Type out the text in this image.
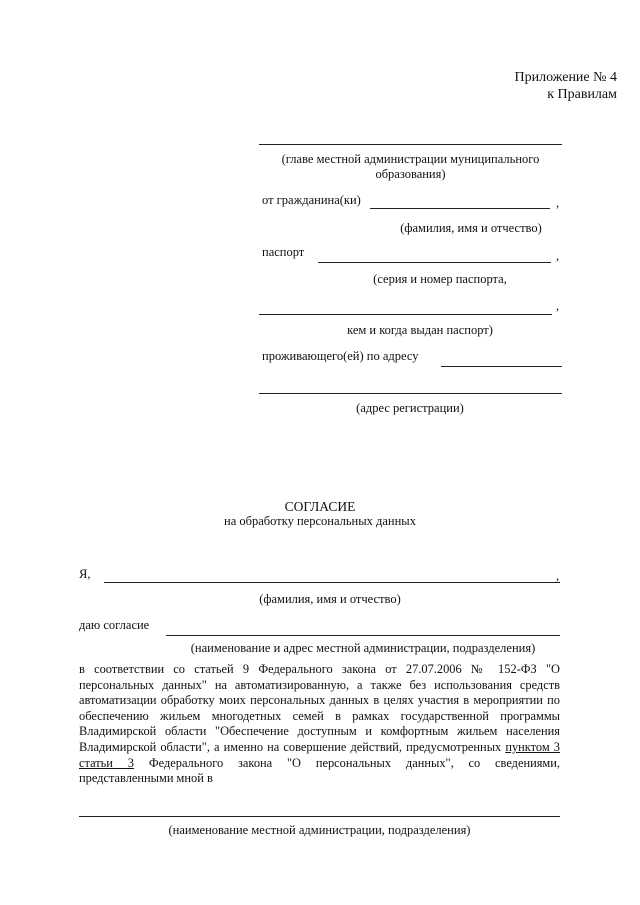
Приложение № 4
к Правилам
(главе местной администрации муниципального
образования)
от гражданина(ки)	,
(фамилия, имя и отчество)
паспорт	,
(серия и номер паспорта,
,
кем и когда выдан паспорт)
проживающего(ей) по адресу
(адрес регистрации)
СОГЛАСИЕ
на обработку персональных данных
Я,	,
(фамилия, имя и отчество)
даю согласие
(наименование и адрес местной администрации, подразделения)
в соответствии со статьей 9 Федерального закона от 27.07.2006 № 152-ФЗ "О персональных данных" на автоматизированную, а также без использования средств автоматизации обработку моих персональных данных в целях участия в мероприятии по обеспечению жильем многодетных семей в рамках государственной программы Владимирской области "Обеспечение доступным и комфортным жильем населения Владимирской области", а именно на совершение действий, предусмотренных пунктом 3 статьи 3 Федерального закона "О персональных данных", со сведениями, представленными мной в
(наименование местной администрации, подразделения)
